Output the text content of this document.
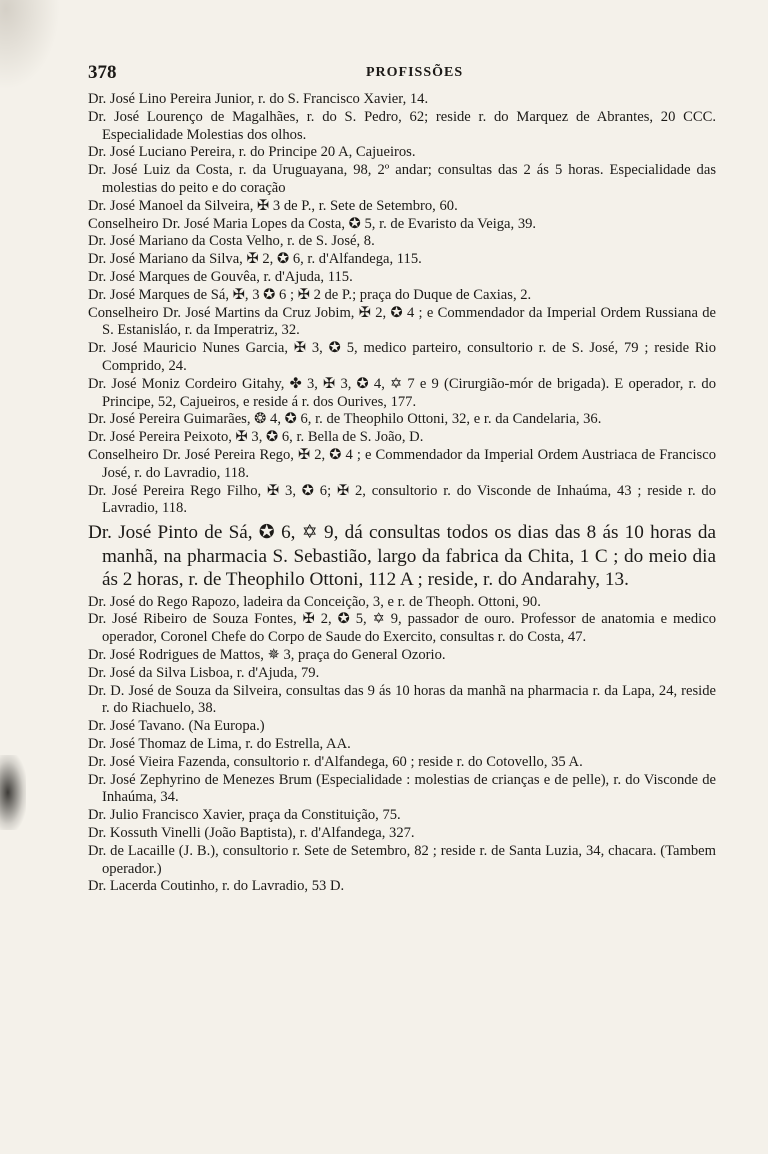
378	PROFISSÕES

Dr. José Lino Pereira Junior, r. do S. Francisco Xavier, 14.

Dr. José Lourenço de Magalhães, r. do S. Pedro, 62; reside r. do Marquez de Abrantes, 20 CCC. Especialidade Molestias dos olhos.

Dr. José Luciano Pereira, r. do Principe 20 A, Cajueiros.

Dr. José Luiz da Costa, r. da Uruguayana, 98, 2º andar; consultas das 2 ás 5 horas. Especialidade das molestias do peito e do coração

Dr. José Manoel da Silveira, ✠ 3 de P., r. Sete de Setembro, 60.

Conselheiro Dr. José Maria Lopes da Costa, ✪ 5, r. de Evaristo da Veiga, 39.

Dr. José Mariano da Costa Velho, r. de S. José, 8.

Dr. José Mariano da Silva, ✠ 2, ✪ 6, r. d'Alfandega, 115.

Dr. José Marques de Gouvêa, r. d'Ajuda, 115.

Dr. José Marques de Sá, ✠, 3 ✪ 6 ; ✠ 2 de P.; praça do Duque de Caxias, 2.

Conselheiro Dr. José Martins da Cruz Jobim, ✠ 2, ✪ 4 ; e Commendador da Imperial Ordem Russiana de S. Estanisláo, r. da Imperatriz, 32.

Dr. José Mauricio Nunes Garcia, ✠ 3, ✪ 5, medico parteiro, consultorio r. de S. José, 79 ; reside Rio Comprido, 24.

Dr. José Moniz Cordeiro Gitahy, ✤ 3, ✠ 3, ✪ 4, ✡ 7 e 9 (Cirurgião-mór de brigada). E operador, r. do Principe, 52, Cajueiros, e reside á r. dos Ourives, 177.

Dr. José Pereira Guimarães, ❂ 4, ✪ 6, r. de Theophilo Ottoni, 32, e r. da Candelaria, 36.

Dr. José Pereira Peixoto, ✠ 3, ✪ 6, r. Bella de S. João, D.

Conselheiro Dr. José Pereira Rego, ✠ 2, ✪ 4 ; e Commendador da Imperial Ordem Austriaca de Francisco José, r. do Lavradio, 118.

Dr. José Pereira Rego Filho, ✠ 3, ✪ 6; ✠ 2, consultorio r. do Visconde de Inhaúma, 43 ; reside r. do Lavradio, 118.

Dr. José Pinto de Sá, ✪ 6, ✡ 9, dá consultas todos os dias das 8 ás 10 horas da manhã, na pharmacia S. Sebastião, largo da fabrica da Chita, 1 C ; do meio dia ás 2 horas, r. de Theophilo Ottoni, 112 A ; reside, r. do Andarahy, 13.

Dr. José do Rego Rapozo, ladeira da Conceição, 3, e r. de Theoph. Ottoni, 90.

Dr. José Ribeiro de Souza Fontes, ✠ 2, ✪ 5, ✡ 9, passador de ouro. Professor de anatomia e medico operador, Coronel Chefe do Corpo de Saude do Exercito, consultas r. do Costa, 47.

Dr. José Rodrigues de Mattos, ✵ 3, praça do General Ozorio.

Dr. José da Silva Lisboa, r. d'Ajuda, 79.

Dr. D. José de Souza da Silveira, consultas das 9 ás 10 horas da manhã na pharmacia r. da Lapa, 24, reside r. do Riachuelo, 38.

Dr. José Tavano. (Na Europa.)

Dr. José Thomaz de Lima, r. do Estrella, AA.

Dr. José Vieira Fazenda, consultorio r. d'Alfandega, 60 ; reside r. do Cotovello, 35 A.

Dr. José Zephyrino de Menezes Brum (Especialidade : molestias de crianças e de pelle), r. do Visconde de Inhaúma, 34.

Dr. Julio Francisco Xavier, praça da Constituição, 75.

Dr. Kossuth Vinelli (João Baptista), r. d'Alfandega, 327.

Dr. de Lacaille (J. B.), consultorio r. Sete de Setembro, 82 ; reside r. de Santa Luzia, 34, chacara. (Tambem operador.)

Dr. Lacerda Coutinho, r. do Lavradio, 53 D.
